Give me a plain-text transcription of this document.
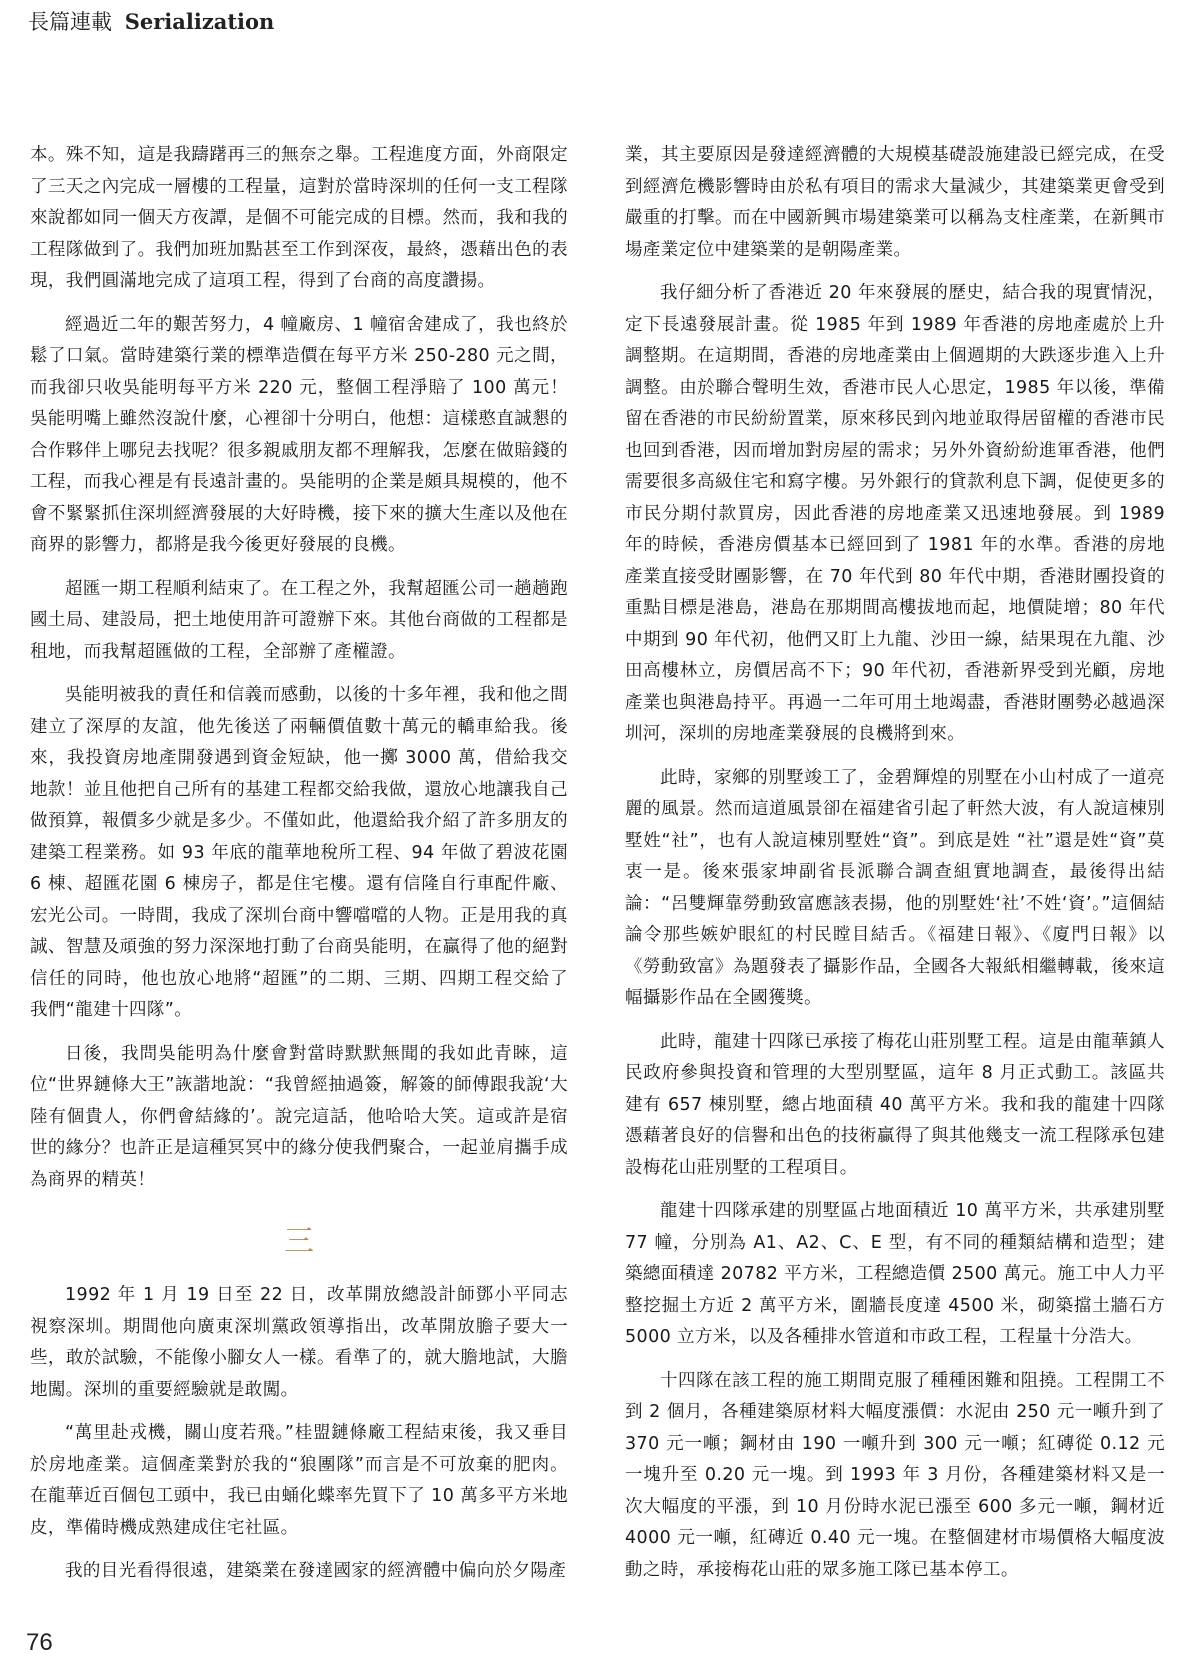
長篇連載 Serialization

本。殊不知，這是我躊躇再三的無奈之舉。工程進度方面，外商限定了三天之內完成一層樓的工程量，這對於當時深圳的任何一支工程隊來說都如同一個天方夜譚，是個不可能完成的目標。然而，我和我的工程隊做到了。我們加班加點甚至工作到深夜，最終，憑藉出色的表現，我們圓滿地完成了這項工程，得到了台商的高度讚揚。

經過近二年的艱苦努力，4 幢廠房、1 幢宿舍建成了，我也終於鬆了口氣。當時建築行業的標準造價在每平方米 250-280 元之間，而我卻只收吳能明每平方米 220 元，整個工程淨賠了 100 萬元！吳能明嘴上雖然沒說什麼，心裡卻十分明白，他想：這樣憨直誠懇的合作夥伴上哪兒去找呢？很多親戚朋友都不理解我，怎麼在做賠錢的工程，而我心裡是有長遠計畫的。吳能明的企業是頗具規模的，他不會不緊緊抓住深圳經濟發展的大好時機，接下來的擴大生產以及他在商界的影響力，都將是我今後更好發展的良機。

超匯一期工程順利結束了。在工程之外，我幫超匯公司一趟趟跑國土局、建設局，把土地使用許可證辦下來。其他台商做的工程都是租地，而我幫超匯做的工程，全部辦了產權證。

吳能明被我的責任和信義而感動，以後的十多年裡，我和他之間建立了深厚的友誼，他先後送了兩輛價值數十萬元的轎車給我。後來，我投資房地產開發遇到資金短缺，他一擲 3000 萬，借給我交地款！並且他把自己所有的基建工程都交給我做，還放心地讓我自己做預算，報價多少就是多少。不僅如此，他還給我介紹了許多朋友的建築工程業務。如 93 年底的龍華地稅所工程、94 年做了碧波花園 6 棟、超匯花園 6 棟房子，都是住宅樓。還有信隆自行車配件廠、宏光公司。一時間，我成了深圳台商中響噹噹的人物。正是用我的真誠、智慧及頑強的努力深深地打動了台商吳能明，在贏得了他的絕對信任的同時，他也放心地將“超匯”的二期、三期、四期工程交給了我們“龍建十四隊”。

日後，我問吳能明為什麼會對當時默默無聞的我如此青睞，這位“世界鏈條大王”詼諧地說：“我曾經抽過簽，解簽的師傅跟我說‘大陸有個貴人，你們會結緣的’。說完這話，他哈哈大笑。這或許是宿世的緣分？也許正是這種冥冥中的緣分使我們聚合，一起並肩攜手成為商界的精英！

三

1992 年 1 月 19 日至 22 日，改革開放總設計師鄧小平同志視察深圳。期間他向廣東深圳黨政領導指出，改革開放膽子要大一些，敢於試驗，不能像小腳女人一樣。看準了的，就大膽地試，大膽地闖。深圳的重要經驗就是敢闖。

“萬里赴戎機，關山度若飛。”桂盟鏈條廠工程結束後，我又垂目於房地產業。這個產業對於我的“狼團隊”而言是不可放棄的肥肉。在龍華近百個包工頭中，我已由蛹化蝶率先買下了 10 萬多平方米地皮，準備時機成熟建成住宅社區。

我的目光看得很遠，建築業在發達國家的經濟體中偏向於夕陽產

業，其主要原因是發達經濟體的大規模基礎設施建設已經完成，在受到經濟危機影響時由於私有項目的需求大量減少，其建築業更會受到嚴重的打擊。而在中國新興市場建築業可以稱為支柱產業，在新興市場產業定位中建築業的是朝陽產業。

我仔細分析了香港近 20 年來發展的歷史，結合我的現實情況，定下長遠發展計畫。從 1985 年到 1989 年香港的房地產處於上升調整期。在這期間，香港的房地產業由上個週期的大跌逐步進入上升調整。由於聯合聲明生效，香港市民人心思定，1985 年以後，準備留在香港的市民紛紛置業，原來移民到內地並取得居留權的香港市民也回到香港，因而增加對房屋的需求；另外外資紛紛進軍香港，他們需要很多高級住宅和寫字樓。另外銀行的貸款利息下調，促使更多的市民分期付款買房，因此香港的房地產業又迅速地發展。到 1989 年的時候，香港房價基本已經回到了 1981 年的水準。香港的房地產業直接受財團影響，在 70 年代到 80 年代中期，香港財團投資的重點目標是港島，港島在那期間高樓拔地而起，地價陡增；80 年代中期到 90 年代初，他們又盯上九龍、沙田一線，結果現在九龍、沙田高樓林立，房價居高不下；90 年代初，香港新界受到光顧，房地產業也與港島持平。再過一二年可用土地竭盡，香港財團勢必越過深圳河，深圳的房地產業發展的良機將到來。

此時，家鄉的別墅竣工了，金碧輝煌的別墅在小山村成了一道亮麗的風景。然而這道風景卻在福建省引起了軒然大波，有人說這棟別墅姓“社”，也有人說這棟別墅姓“資”。到底是姓 “社”還是姓“資”莫衷一是。後來張家坤副省長派聯合調查組實地調查，最後得出結論：“呂雙輝靠勞動致富應該表揚，他的別墅姓‘社’不姓‘資’。”這個結論令那些嫉妒眼紅的村民瞠目結舌。《福建日報》、《廈門日報》以《勞動致富》為題發表了攝影作品，全國各大報紙相繼轉載，後來這幅攝影作品在全國獲獎。

此時，龍建十四隊已承接了梅花山莊別墅工程。這是由龍華鎮人民政府參與投資和管理的大型別墅區，這年 8 月正式動工。該區共建有 657 棟別墅，總占地面積 40 萬平方米。我和我的龍建十四隊憑藉著良好的信譽和出色的技術贏得了與其他幾支一流工程隊承包建設梅花山莊別墅的工程項目。

龍建十四隊承建的別墅區占地面積近 10 萬平方米，共承建別墅 77 幢，分別為 A1、A2、C、E 型，有不同的種類結構和造型；建築總面積達 20782 平方米，工程總造價 2500 萬元。施工中人力平整挖掘土方近 2 萬平方米，圍牆長度達 4500 米，砌築擋土牆石方 5000 立方米，以及各種排水管道和市政工程，工程量十分浩大。

十四隊在該工程的施工期間克服了種種困難和阻撓。工程開工不到 2 個月，各種建築原材料大幅度漲價：水泥由 250 元一噸升到了 370 元一噸；鋼材由 190 一噸升到 300 元一噸；紅磚從 0.12 元一塊升至 0.20 元一塊。到 1993 年 3 月份，各種建築材料又是一次大幅度的平漲，到 10 月份時水泥已漲至 600 多元一噸，鋼材近 4000 元一噸，紅磚近 0.40 元一塊。在整個建材市場價格大幅度波動之時，承接梅花山莊的眾多施工隊已基本停工。

76
